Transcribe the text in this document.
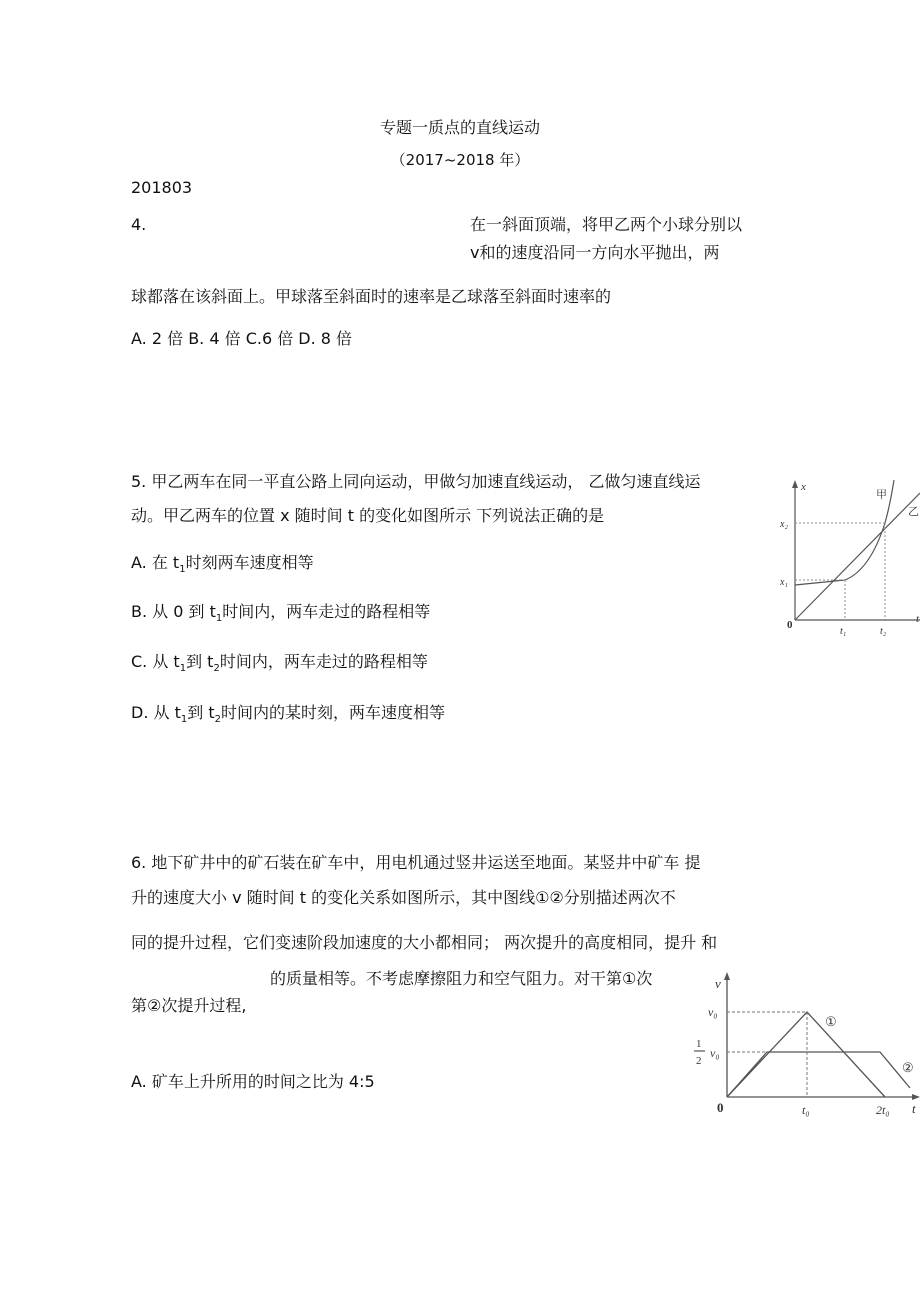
专题一质点的直线运动
（2017~2018 年）
201803
4.	在一斜面顶端，将甲乙两个小球分别以
v和的速度沿同一方向水平抛出，两
球都落在该斜面上。甲球落至斜面时的速率是乙球落至斜面时速率的
A. 2 倍 B. 4 倍 C.6 倍 D. 8 倍
5. 甲乙两车在同一平直公路上同向运动，甲做匀加速直线运动， 乙做匀速直线运
动。甲乙两车的位置 x 随时间 t 的变化如图所示 下列说法正确的是
A. 在 $t_1$时刻两车速度相等
B. 从 0 到 $t_1$时间内，两车走过的路程相等
C. 从 $t_1$到 $t_2$时间内，两车走过的路程相等
D. 从 $t_1$到 $t_2$时间内的某时刻，两车速度相等
x
t
0
x₁
x₂
t₁	t₂
甲
乙
6. 地下矿井中的矿石装在矿车中，用电机通过竖井运送至地面。某竖井中矿车 提
升的速度大小 v 随时间 t 的变化关系如图所示，其中图线①②分别描述两次不
同的提升过程，它们变速阶段加速度的大小都相同； 两次提升的高度相同，提升 和
的质量相等。不考虑摩擦阻力和空气阻力。对干第①次
第②次提升过程,
A. 矿车上升所用的时间之比为 4:5
v
t
0
v₀
1
2
v₀
t₀	2t₀
①
②
